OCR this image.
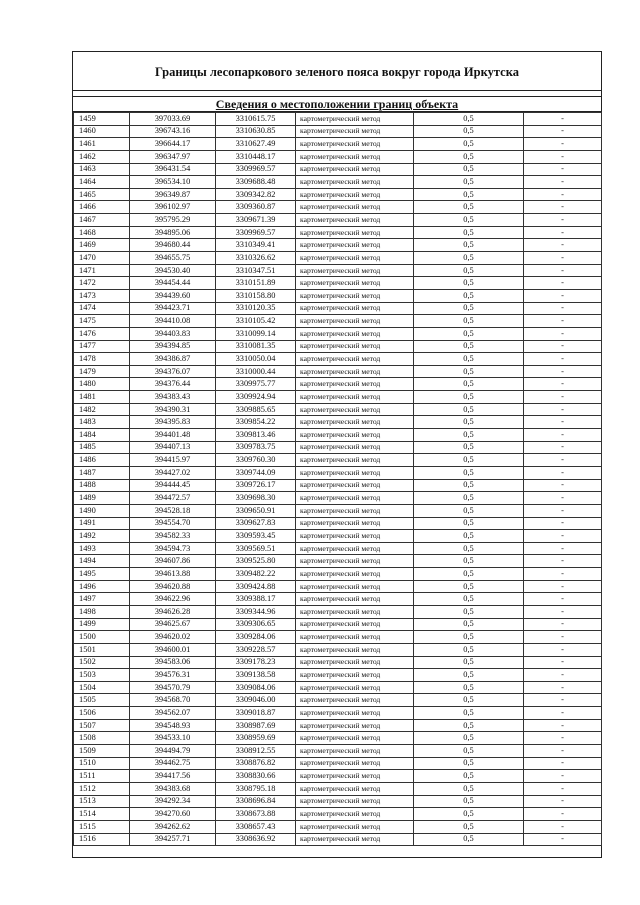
Границы лесопаркового зеленого пояса вокруг города Иркутска
Сведения о местоположении границ объекта
1459	397033.69	3310615.75	картометрический метод	0,5	-
1460	396743.16	3310630.85	картометрический метод	0,5	-
1461	396644.17	3310627.49	картометрический метод	0,5	-
1462	396347.97	3310448.17	картометрический метод	0,5	-
1463	396431.54	3309969.57	картометрический метод	0,5	-
1464	396534.10	3309688.48	картометрический метод	0,5	-
1465	396349.87	3309342.82	картометрический метод	0,5	-
1466	396102.97	3309360.87	картометрический метод	0,5	-
1467	395795.29	3309671.39	картометрический метод	0,5	-
1468	394895.06	3309969.57	картометрический метод	0,5	-
1469	394680.44	3310349.41	картометрический метод	0,5	-
1470	394655.75	3310326.62	картометрический метод	0,5	-
1471	394530.40	3310347.51	картометрический метод	0,5	-
1472	394454.44	3310151.89	картометрический метод	0,5	-
1473	394439.60	3310158.80	картометрический метод	0,5	-
1474	394423.71	3310120.35	картометрический метод	0,5	-
1475	394410.08	3310105.42	картометрический метод	0,5	-
1476	394403.83	3310099.14	картометрический метод	0,5	-
1477	394394.85	3310081.35	картометрический метод	0,5	-
1478	394386.87	3310050.04	картометрический метод	0,5	-
1479	394376.07	3310000.44	картометрический метод	0,5	-
1480	394376.44	3309975.77	картометрический метод	0,5	-
1481	394383.43	3309924.94	картометрический метод	0,5	-
1482	394390.31	3309885.65	картометрический метод	0,5	-
1483	394395.83	3309854.22	картометрический метод	0,5	-
1484	394401.48	3309813.46	картометрический метод	0,5	-
1485	394407.13	3309783.75	картометрический метод	0,5	-
1486	394415.97	3309760.30	картометрический метод	0,5	-
1487	394427.02	3309744.09	картометрический метод	0,5	-
1488	394444.45	3309726.17	картометрический метод	0,5	-
1489	394472.57	3309698.30	картометрический метод	0,5	-
1490	394528.18	3309650.91	картометрический метод	0,5	-
1491	394554.70	3309627.83	картометрический метод	0,5	-
1492	394582.33	3309593.45	картометрический метод	0,5	-
1493	394594.73	3309569.51	картометрический метод	0,5	-
1494	394607.86	3309525.80	картометрический метод	0,5	-
1495	394613.88	3309482.22	картометрический метод	0,5	-
1496	394620.88	3309424.88	картометрический метод	0,5	-
1497	394622.96	3309388.17	картометрический метод	0,5	-
1498	394626.28	3309344.96	картометрический метод	0,5	-
1499	394625.67	3309306.65	картометрический метод	0,5	-
1500	394620.02	3309284.06	картометрический метод	0,5	-
1501	394600.01	3309228.57	картометрический метод	0,5	-
1502	394583.06	3309178.23	картометрический метод	0,5	-
1503	394576.31	3309138.58	картометрический метод	0,5	-
1504	394570.79	3309084.06	картометрический метод	0,5	-
1505	394568.70	3309046.00	картометрический метод	0,5	-
1506	394562.07	3309018.87	картометрический метод	0,5	-
1507	394548.93	3308987.69	картометрический метод	0,5	-
1508	394533.10	3308959.69	картометрический метод	0,5	-
1509	394494.79	3308912.55	картометрический метод	0,5	-
1510	394462.75	3308876.82	картометрический метод	0,5	-
1511	394417.56	3308830.66	картометрический метод	0,5	-
1512	394383.68	3308795.18	картометрический метод	0,5	-
1513	394292.34	3308696.84	картометрический метод	0,5	-
1514	394270.60	3308673.88	картометрический метод	0,5	-
1515	394262.62	3308657.43	картометрический метод	0,5	-
1516	394257.71	3308636.92	картометрический метод	0,5	-
